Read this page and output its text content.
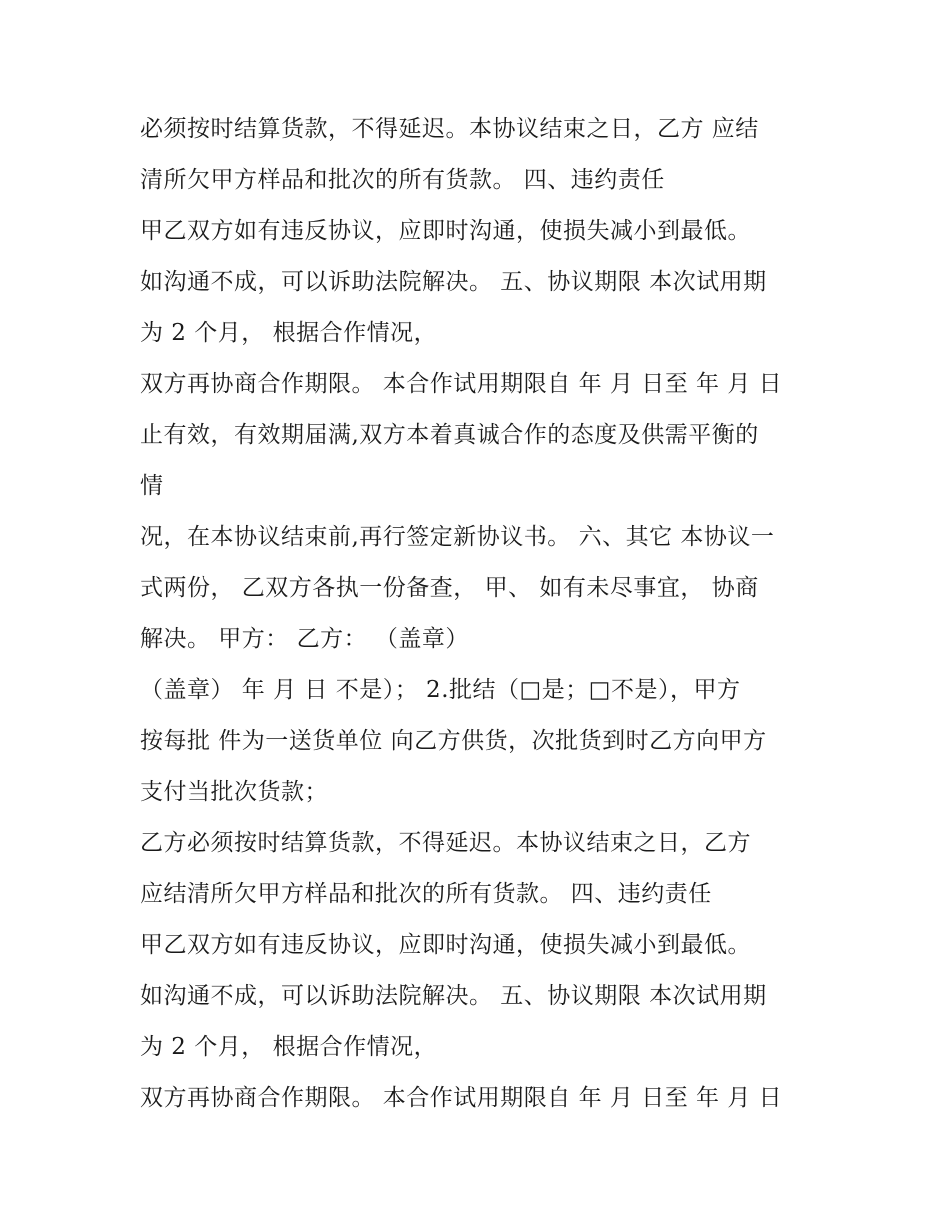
必须按时结算货款，不得延迟。本协议结束之日，乙方 应结
清所欠甲方样品和批次的所有货款。 四、违约责任
甲乙双方如有违反协议，应即时沟通，使损失减小到最低。
如沟通不成，可以诉助法院解决。 五、协议期限 本次试用期
为 2 个月， 根据合作情况，
双方再协商合作期限。 本合作试用期限自 年 月 日至 年 月 日
止有效，有效期届满,双方本着真诚合作的态度及供需平衡的
情
况，在本协议结束前,再行签定新协议书。 六、其它 本协议一
式两份， 乙双方各执一份备查， 甲、 如有未尽事宜， 协商
解决。 甲方： 乙方： （盖章）
（盖章） 年 月 日 不是）； 2.批结（□是；□不是），甲方
按每批 件为一送货单位 向乙方供货，次批货到时乙方向甲方
支付当批次货款；
乙方必须按时结算货款，不得延迟。本协议结束之日，乙方
应结清所欠甲方样品和批次的所有货款。 四、违约责任
甲乙双方如有违反协议，应即时沟通，使损失减小到最低。
如沟通不成，可以诉助法院解决。 五、协议期限 本次试用期
为 2 个月， 根据合作情况，
双方再协商合作期限。 本合作试用期限自 年 月 日至 年 月 日
